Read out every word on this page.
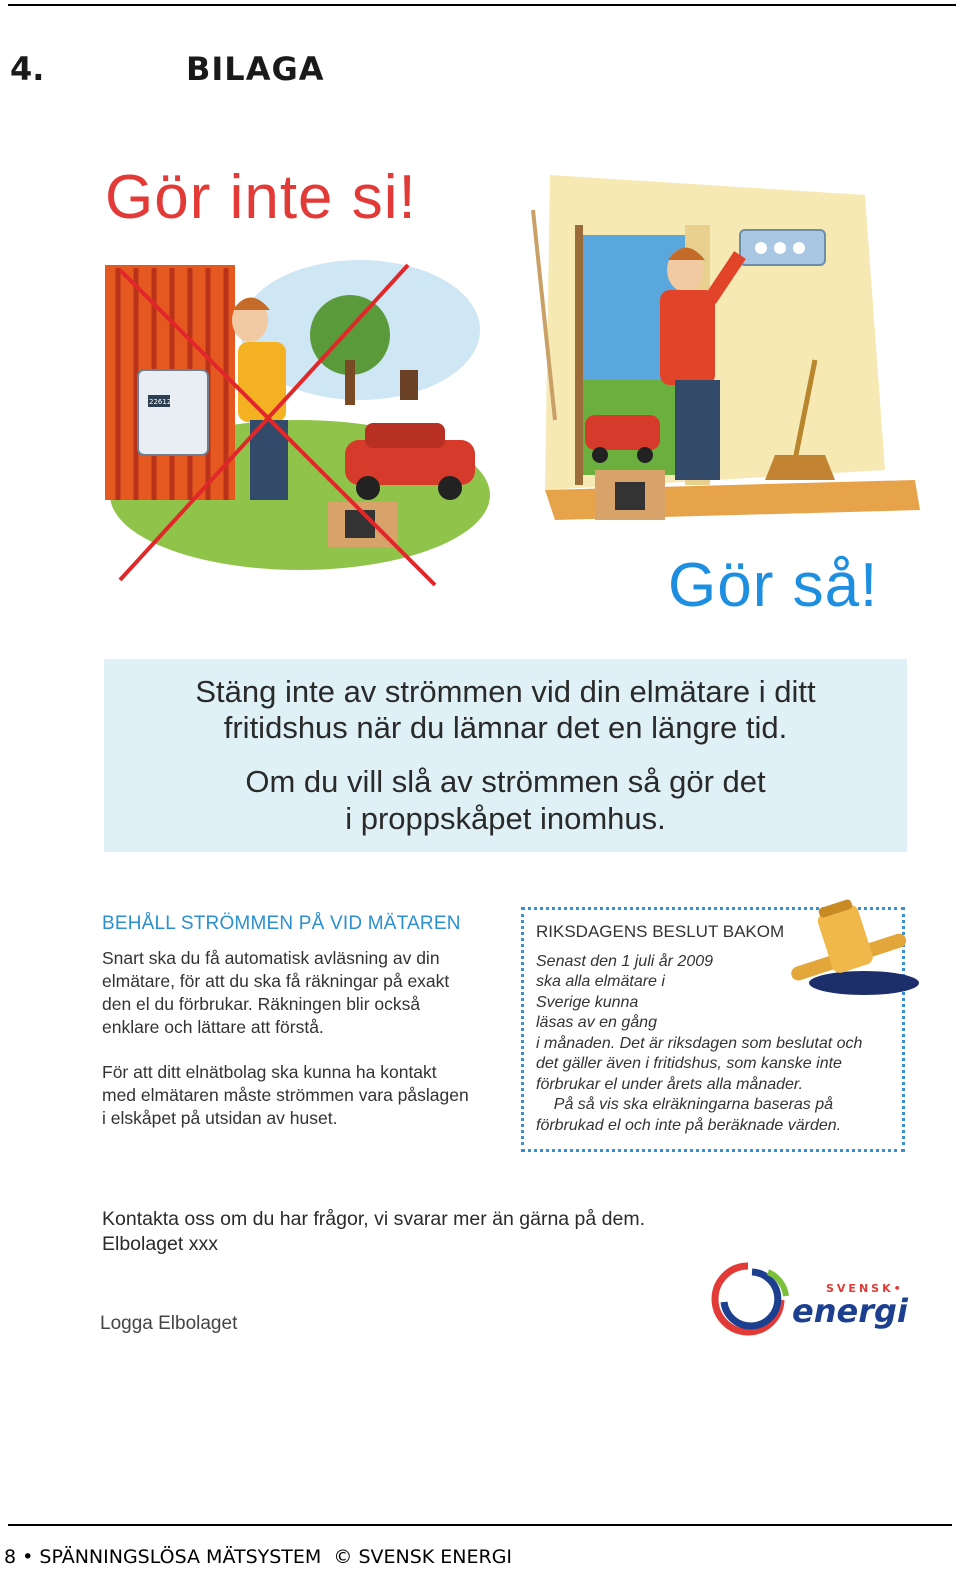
4.	BILAGA
22612
Gör inte si!
Gör så!
Stäng inte av strömmen vid din elmätare i ditt
fritidshus när du lämnar det en längre tid.
Om du vill slå av strömmen så gör det
i proppskåpet inomhus.
BEHÅLL STRÖMMEN PÅ VID MÄTAREN

Snart ska du få automatisk avläsning av din

elmätare, för att du ska få räkningar på exakt

den el du förbrukar. Räkningen blir också

enklare och lättare att förstå.

För att ditt elnätbolag ska kunna ha kontakt

med elmätaren måste strömmen vara påslagen

i elskåpet på utsidan av huset.

RIKSDAGENS BESLUT BAKOM

Senast den 1 juli år 2009

ska alla elmätare i

Sverige kunna

läsas av en gång

i månaden. Det är riksdagen som beslutat och

det gäller även i fritidshus, som kanske inte

förbrukar el under årets alla månader.

På så vis ska elräkningarna baseras på

förbrukad el och inte på beräknade värden.

Kontakta oss om du har frågor, vi svarar mer än gärna på dem.
Elbolaget xxx
Logga Elbolaget
SVENSK•
energi
8 • SPÄNNINGSLÖSA MÄTSYSTEM © SVENSK ENERGI
